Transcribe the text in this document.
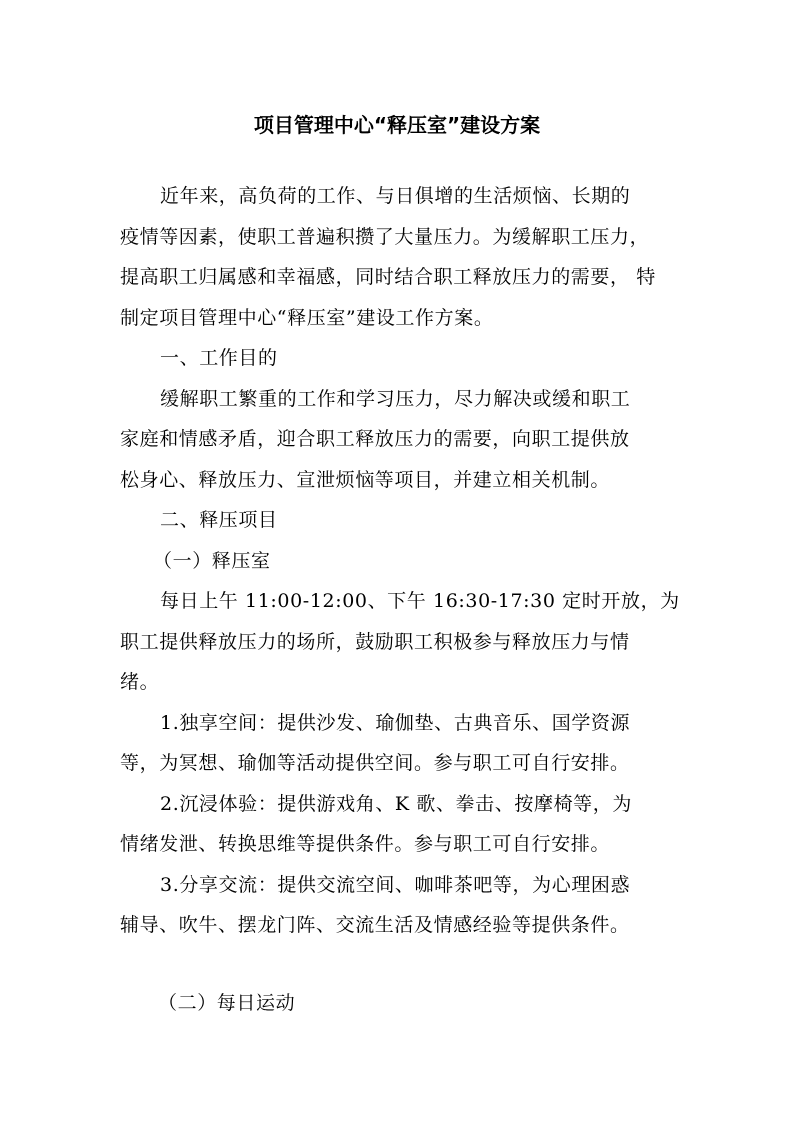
项目管理中心“释压室”建设方案
近年来，高负荷的工作、与日俱增的生活烦恼、长期的
疫情等因素，使职工普遍积攒了大量压力。为缓解职工压力，
提高职工归属感和幸福感，同时结合职工释放压力的需要， 特
制定项目管理中心“释压室”建设工作方案。
一、工作目的
缓解职工繁重的工作和学习压力，尽力解决或缓和职工
家庭和情感矛盾，迎合职工释放压力的需要，向职工提供放
松身心、释放压力、宣泄烦恼等项目，并建立相关机制。
二、释压项目
（一）释压室
每日上午 11:00-12:00、下午 16:30-17:30 定时开放，为
职工提供释放压力的场所，鼓励职工积极参与释放压力与情
绪。
1.独享空间：提供沙发、瑜伽垫、古典音乐、国学资源
等，为冥想、瑜伽等活动提供空间。参与职工可自行安排。
2.沉浸体验：提供游戏角、K 歌、拳击、按摩椅等，为
情绪发泄、转换思维等提供条件。参与职工可自行安排。
3.分享交流：提供交流空间、咖啡茶吧等，为心理困惑
辅导、吹牛、摆龙门阵、交流生活及情感经验等提供条件。
（二）每日运动
